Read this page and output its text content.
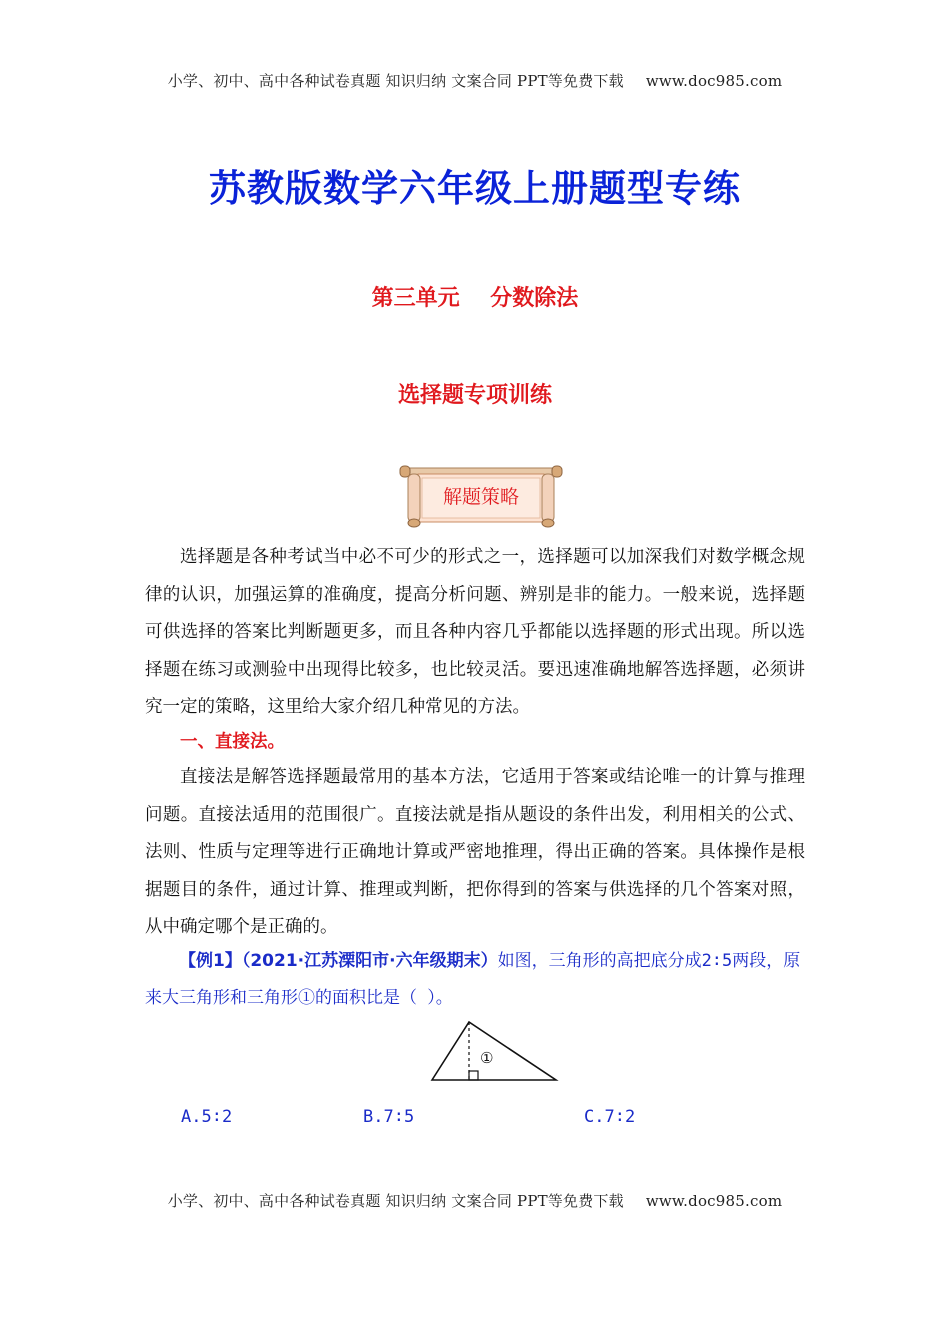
小学、初中、高中各种试卷真题 知识归纳 文案合同 PPT等免费下载 www.doc985.com
苏教版数学六年级上册题型专练
第三单元    分数除法
选择题专项训练
解题策略
选择题是各种考试当中必不可少的形式之一，选择题可以加深我们对数学概念规律的认识，加强运算的准确度，提高分析问题、辨别是非的能力。一般来说，选择题可供选择的答案比判断题更多，而且各种内容几乎都能以选择题的形式出现。所以选择题在练习或测验中出现得比较多，也比较灵活。要迅速准确地解答选择题，必须讲究一定的策略，这里给大家介绍几种常见的方法。
一、直接法。
直接法是解答选择题最常用的基本方法，它适用于答案或结论唯一的计算与推理问题。直接法适用的范围很广。直接法就是指从题设的条件出发，利用相关的公式、法则、性质与定理等进行正确地计算或严密地推理，得出正确的答案。具体操作是根据题目的条件，通过计算、推理或判断，把你得到的答案与供选择的几个答案对照，从中确定哪个是正确的。
【例1】（2021·江苏溧阳市·六年级期末）如图，三角形的高把底分成2∶5两段，原来大三角形和三角形①的面积比是（ ）。
①
A.5∶2	B.7∶5	C.7∶2
小学、初中、高中各种试卷真题 知识归纳 文案合同 PPT等免费下载 www.doc985.com
